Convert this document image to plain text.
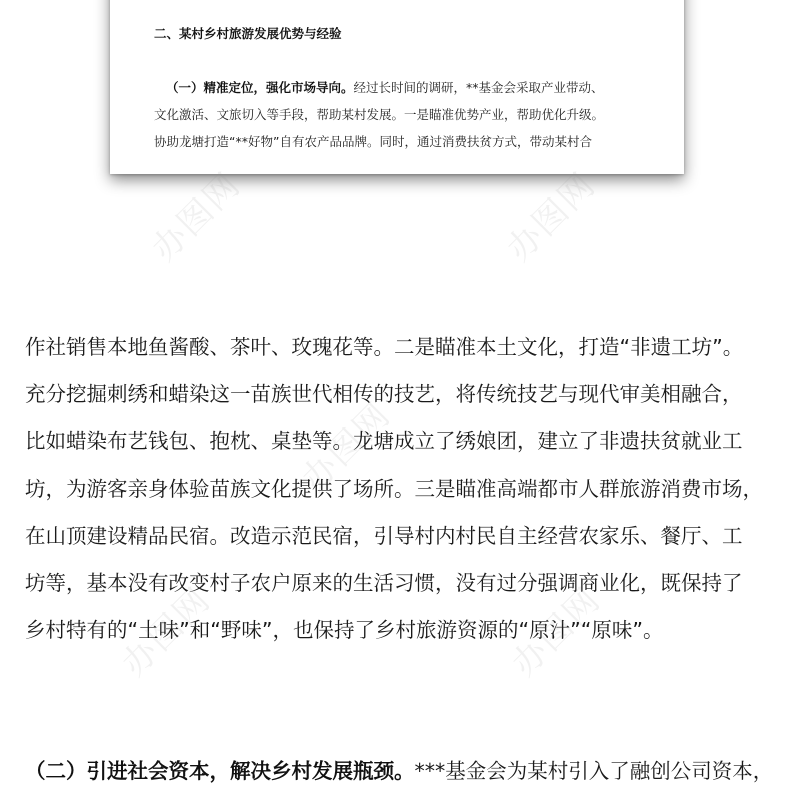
二、某村乡村旅游发展优势与经验

（一）精准定位，强化市场导向。经过长时间的调研，**基金会采取产业带动、
文化激活、文旅切入等手段，帮助某村发展。一是瞄准优势产业，帮助优化升级。
协助龙塘打造“**好物”自有农产品品牌。同时，通过消费扶贫方式，带动某村合

作社销售本地鱼酱酸、茶叶、玫瑰花等。二是瞄准本土文化，打造“非遗工坊”。
充分挖掘刺绣和蜡染这一苗族世代相传的技艺，将传统技艺与现代审美相融合，
比如蜡染布艺钱包、抱枕、桌垫等。龙塘成立了绣娘团，建立了非遗扶贫就业工
坊，为游客亲身体验苗族文化提供了场所。三是瞄准高端都市人群旅游消费市场，
在山顶建设精品民宿。改造示范民宿，引导村内村民自主经营农家乐、餐厅、工
坊等，基本没有改变村子农户原来的生活习惯，没有过分强调商业化，既保持了
乡村特有的“土味”和“野味”，也保持了乡村旅游资源的“原汁”“原味”。

（二）引进社会资本，解决乡村发展瓶颈。***基金会为某村引入了融创公司资本，

办图网	办图网
办图网
办图网	办图网
